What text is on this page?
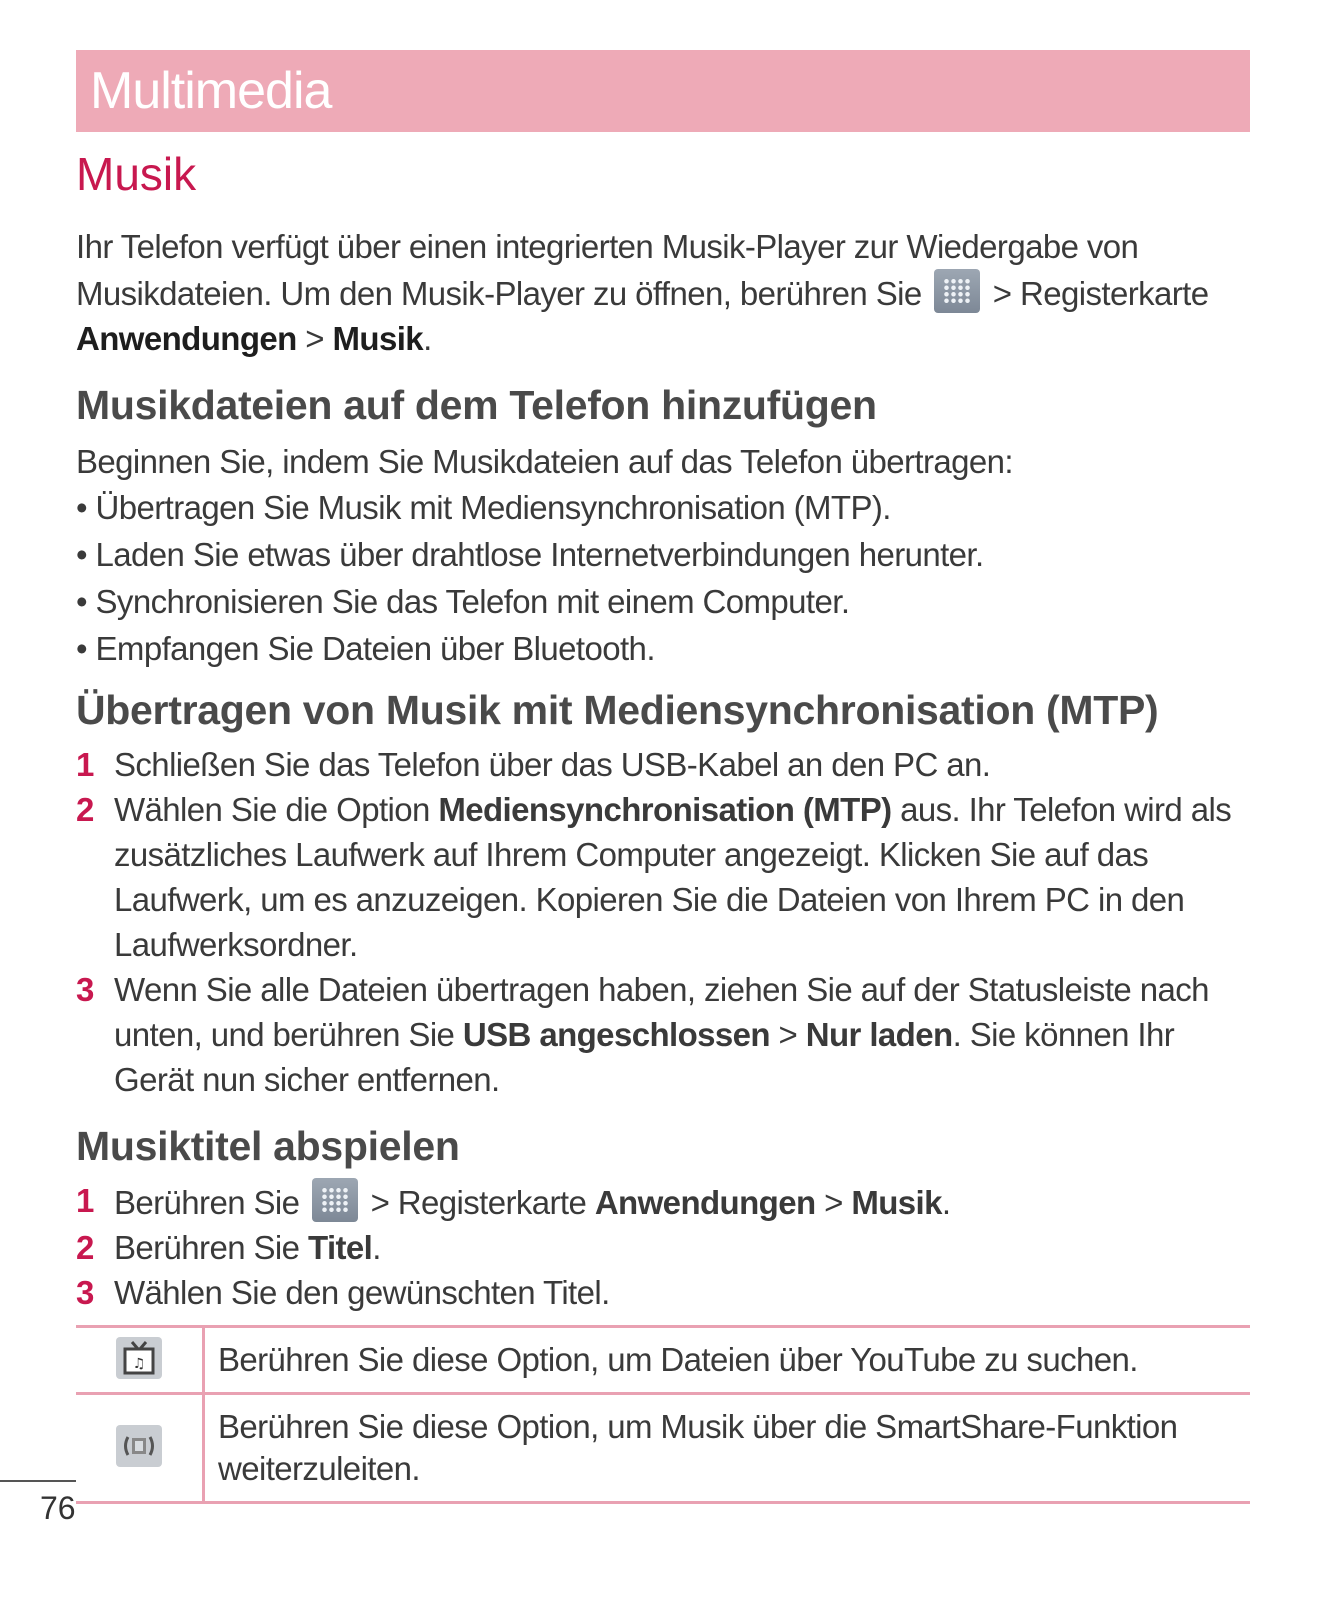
Multimedia
Musik

Ihr Telefon verfügt über einen integrierten Musik-Player zur Wiedergabe von Musikdateien. Um den Musik-Player zu öffnen, berühren Sie  > Registerkarte Anwendungen > Musik.

Musikdateien auf dem Telefon hinzufügen
Beginnen Sie, indem Sie Musikdateien auf das Telefon übertragen:
• Übertragen Sie Musik mit Mediensynchronisation (MTP).
• Laden Sie etwas über drahtlose Internetverbindungen herunter.
• Synchronisieren Sie das Telefon mit einem Computer.
• Empfangen Sie Dateien über Bluetooth.
Übertragen von Musik mit Mediensynchronisation (MTP)
1 Schließen Sie das Telefon über das USB-Kabel an den PC an.
2 Wählen Sie die Option Mediensynchronisation (MTP) aus. Ihr Telefon wird als zusätzliches Laufwerk auf Ihrem Computer angezeigt. Klicken Sie auf das Laufwerk, um es anzuzeigen. Kopieren Sie die Dateien von Ihrem PC in den Laufwerksordner.
3 Wenn Sie alle Dateien übertragen haben, ziehen Sie auf der Statusleiste nach unten, und berühren Sie USB angeschlossen > Nur laden. Sie können Ihr Gerät nun sicher entfernen.
Musiktitel abspielen
1 Berühren Sie  > Registerkarte Anwendungen > Musik.
2 Berühren Sie Titel.
3 Wählen Sie den gewünschten Titel.
♫	Berühren Sie diese Option, um Dateien über YouTube zu suchen.

Berühren Sie diese Option, um Musik über die SmartShare-Funktion weiterzuleiten.
76
